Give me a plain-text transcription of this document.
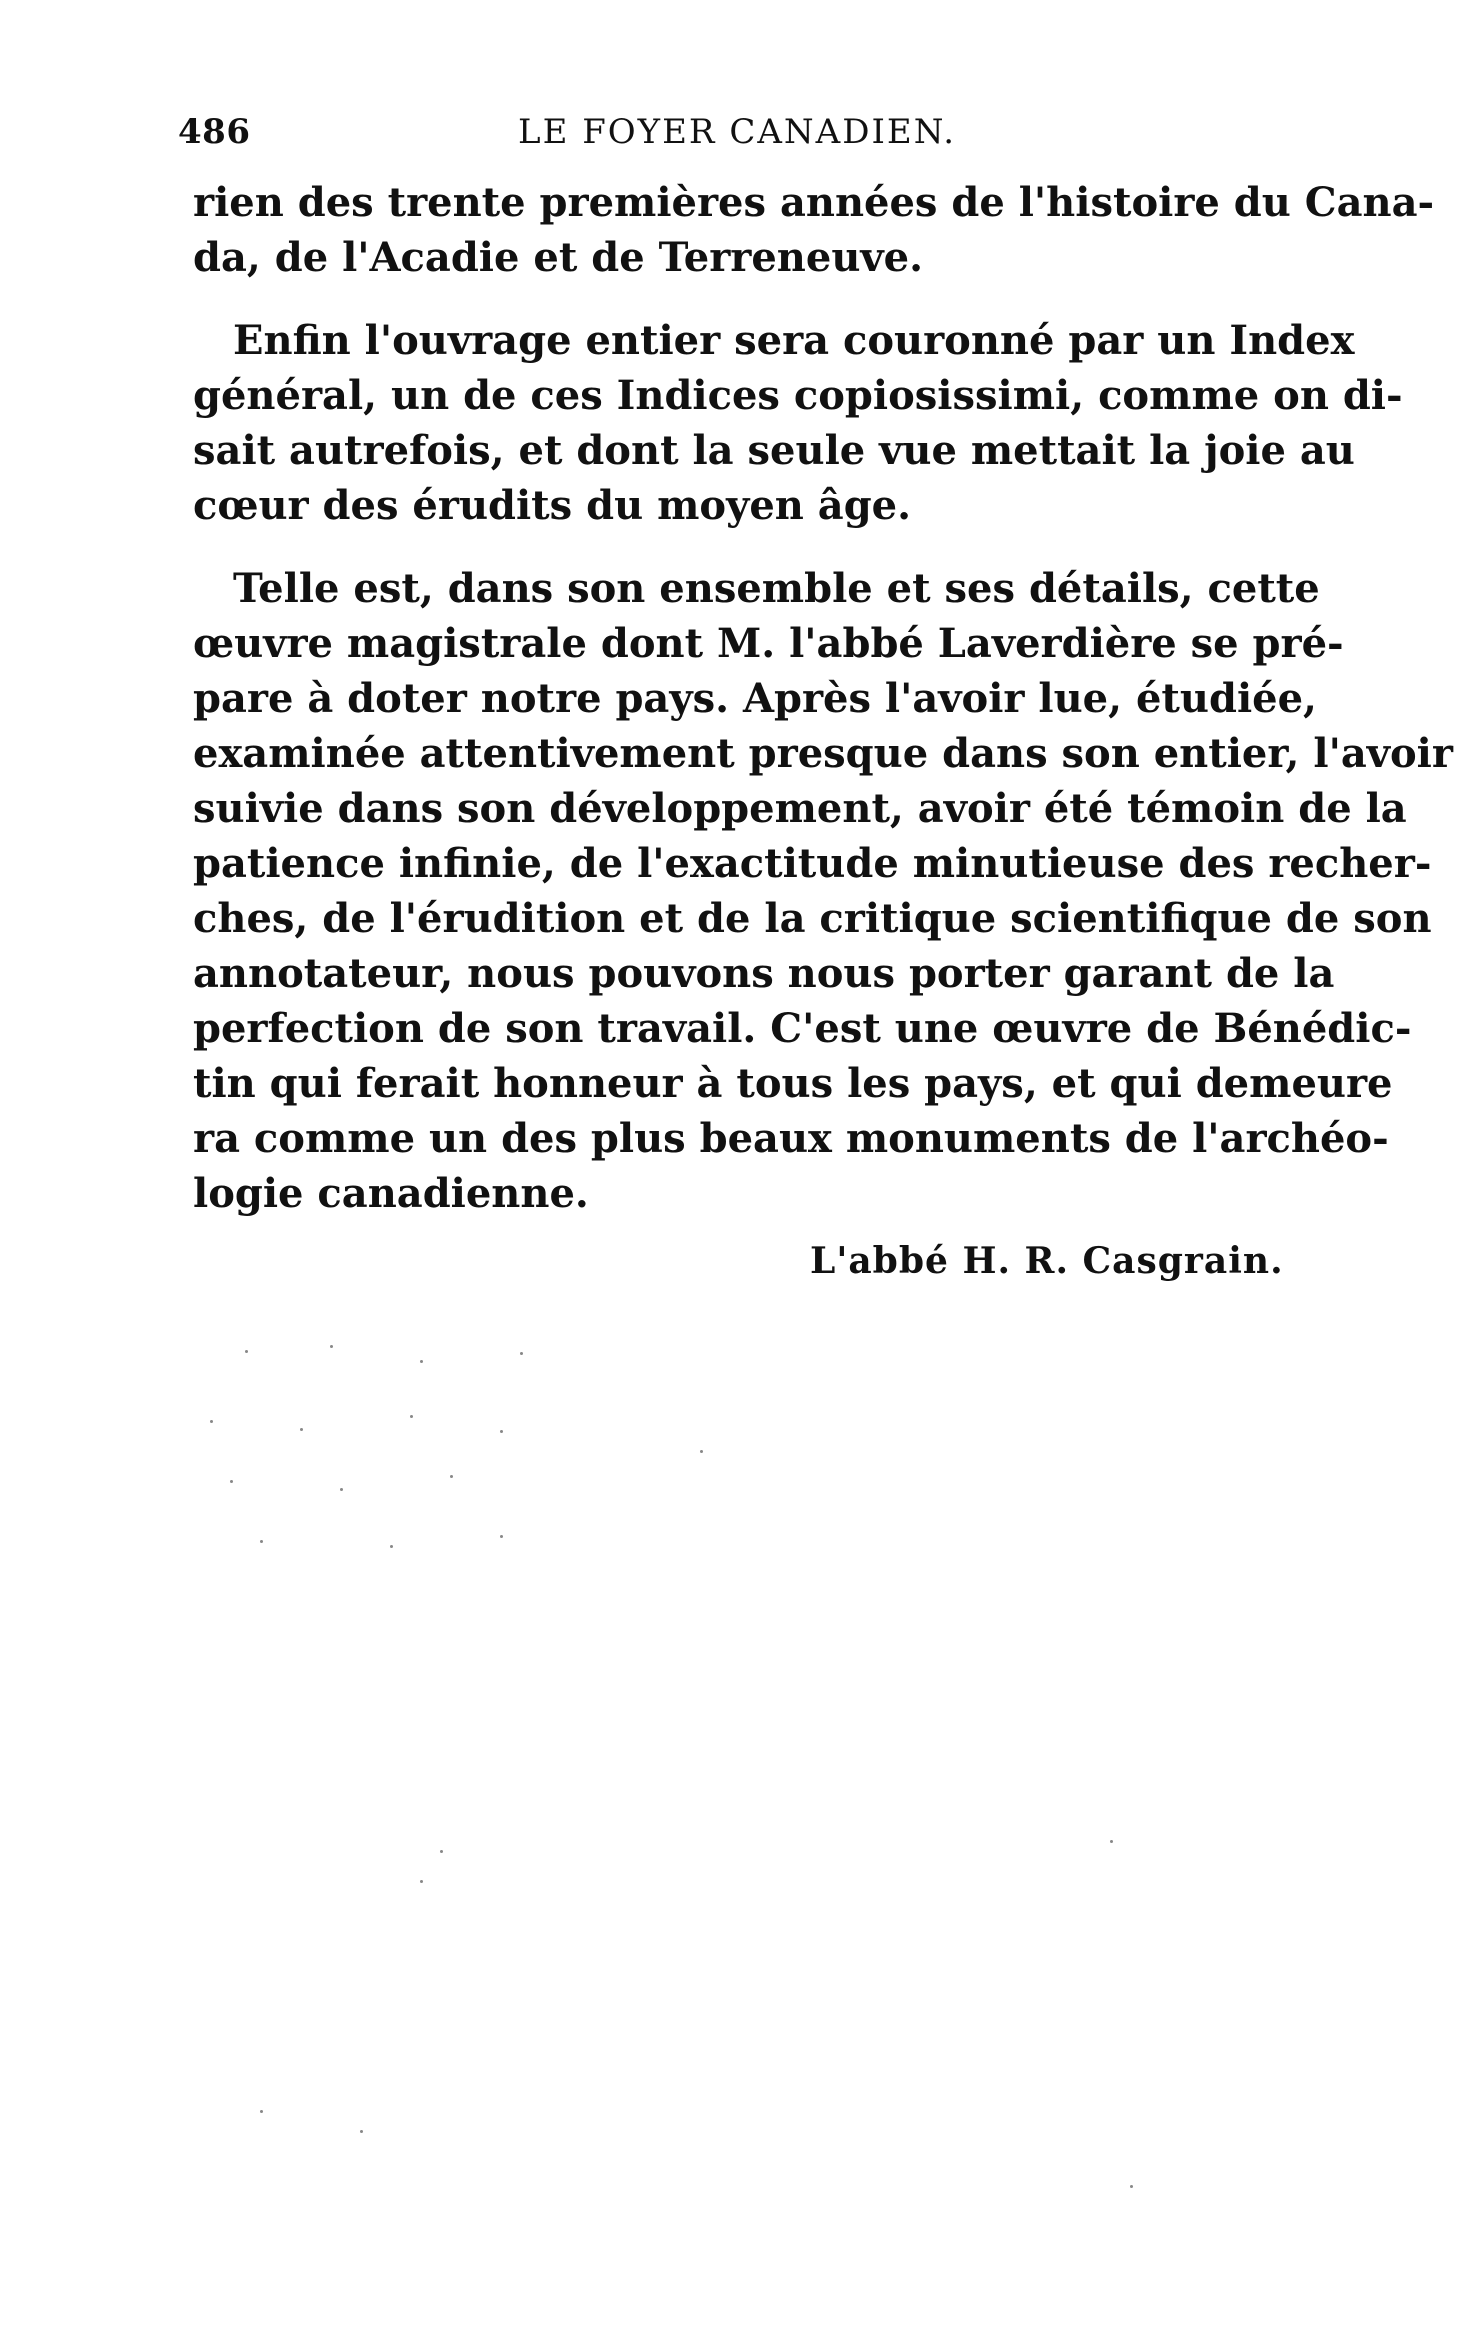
486	LE FOYER CANADIEN.
rien des trente premières années de l'histoire du Cana-
da, de l'Acadie et de Terreneuve.
Enfin l'ouvrage entier sera couronné par un Index
général, un de ces Indices copiosissimi, comme on di-
sait autrefois, et dont la seule vue mettait la joie au
cœur des érudits du moyen âge.
Telle est, dans son ensemble et ses détails, cette
œuvre magistrale dont M. l'abbé Laverdière se pré-
pare à doter notre pays. Après l'avoir lue, étudiée,
examinée attentivement presque dans son entier, l'avoir
suivie dans son développement, avoir été témoin de la
patience infinie, de l'exactitude minutieuse des recher-
ches, de l'érudition et de la critique scientifique de son
annotateur, nous pouvons nous porter garant de la
perfection de son travail. C'est une œuvre de Bénédic-
tin qui ferait honneur à tous les pays, et qui demeure
ra comme un des plus beaux monuments de l'archéo-
logie canadienne.
L'abbé H. R. Casgrain.
